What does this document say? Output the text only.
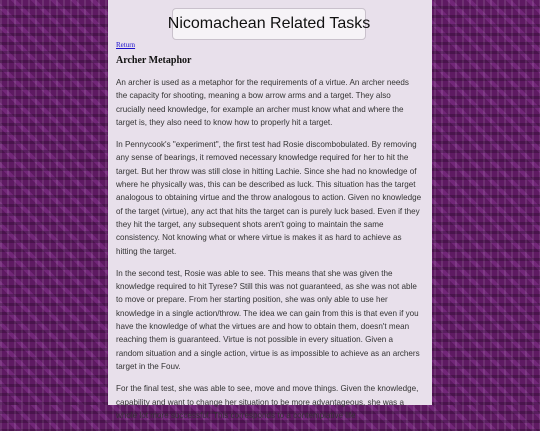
Nicomachean Related Tasks
Return
Archer Metaphor

An archer is used as a metaphor for the requirements of a virtue. An archer needs the capacity for shooting, meaning a bow arrow arms and a target. They also crucially need knowledge, for example an archer must know what and where the target is, they also need to know how to properly hit a target.

In Pennycook's "experiment", the first test had Rosie discombobulated. By removing any sense of bearings, it removed necessary knowledge required for her to hit the target. But her throw was still close in hitting Lachie. Since she had no knowledge of where he physically was, this can be described as luck. This situation has the target analogous to obtaining virtue and the throw analogous to action. Given no knowledge of the target (virtue), any act that hits the target can is purely luck based. Even if they they hit the target, any subsequent shots aren't going to maintain the same consistency. Not knowing what or where virtue is makes it as hard to achieve as hitting the target.

In the second test, Rosie was able to see. This means that she was given the knowledge required to hit Tyrese? Still this was not guaranteed, as she was not able to move or prepare. From her starting position, she was only able to use her knowledge in a single action/throw. The idea we can gain from this is that even if you have the knowledge of what the virtues are and how to obtain them, doesn't mean reaching them is guaranteed. Virtue is not possible in every situation. Given a random situation and a single action, virtue is as impossible to achieve as an archers target in the Fouv.

For the final test, she was able to see, move and move things. Given the knowledge, capability and want to change her situation to be more advantageous, she was a whole lot more successful. This corresponds to a contemplative life
